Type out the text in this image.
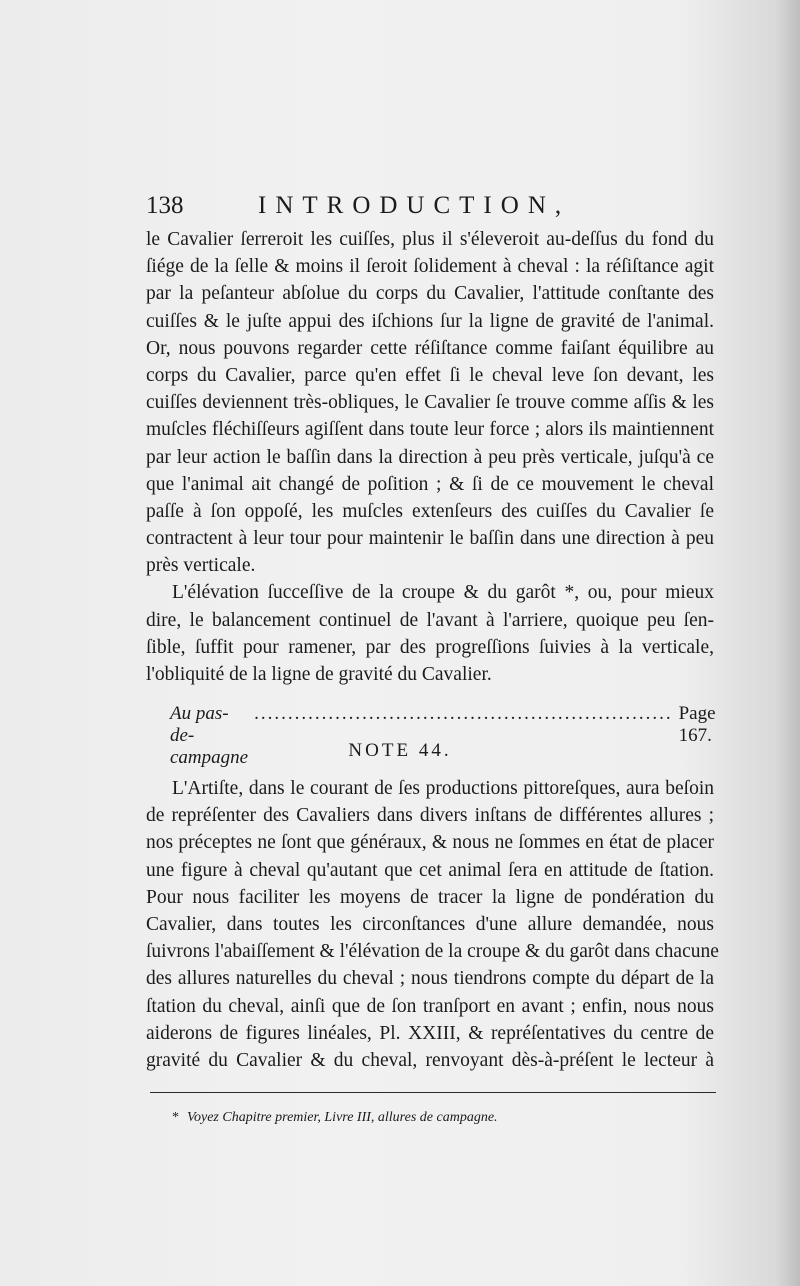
138	INTRODUCTION,
le Cavalier ſerreroit les cuiſſes, plus il s'éleveroit au-deſſus du fond du
ſiége de la ſelle & moins il ſeroit ſolidement à cheval : la réſiſtance agit
par la peſanteur abſolue du corps du Cavalier, l'attitude conſtante des
cuiſſes & le juſte appui des iſchions ſur la ligne de gravité de l'animal.
Or, nous pouvons regarder cette réſiſtance comme faiſant équilibre au
corps du Cavalier, parce qu'en effet ſi le cheval leve ſon devant, les
cuiſſes deviennent très-obliques, le Cavalier ſe trouve comme aſſis & les
muſcles fléchiſſeurs agiſſent dans toute leur force ; alors ils maintiennent
par leur action le baſſin dans la direction à peu près verticale, juſqu'à ce
que l'animal ait changé de poſition ; & ſi de ce mouvement le cheval
paſſe à ſon oppoſé, les muſcles extenſeurs des cuiſſes du Cavalier ſe
contractent à leur tour pour maintenir le baſſin dans une direction à peu
près verticale.
L'élévation ſucceſſive de la croupe & du garôt *, ou, pour mieux
dire, le balancement continuel de l'avant à l'arriere, quoique peu ſen-
ſible, ſuffit pour ramener, par des progreſſions ſuivies à la verticale,
l'obliquité de la ligne de gravité du Cavalier.
Au pas-de-campagne
.............................................................. Page 167.
NOTE 44.
L'Artiſte, dans le courant de ſes productions pittoreſques, aura beſoin
de repréſenter des Cavaliers dans divers inſtans de différentes allures ;
nos préceptes ne ſont que généraux, & nous ne ſommes en état de placer
une figure à cheval qu'autant que cet animal ſera en attitude de ſtation.
Pour nous faciliter les moyens de tracer la ligne de pondération du
Cavalier, dans toutes les circonſtances d'une allure demandée, nous
ſuivrons l'abaiſſement & l'élévation de la croupe & du garôt dans chacune
des allures naturelles du cheval ; nous tiendrons compte du départ de la
ſtation du cheval, ainſi que de ſon tranſport en avant ; enfin, nous nous
aiderons de figures linéales, Pl. XXIII, & repréſentatives du centre de
gravité du Cavalier & du cheval, renvoyant dès-à-préſent le lecteur à
* Voyez Chapitre premier, Livre III, allures de campagne.
